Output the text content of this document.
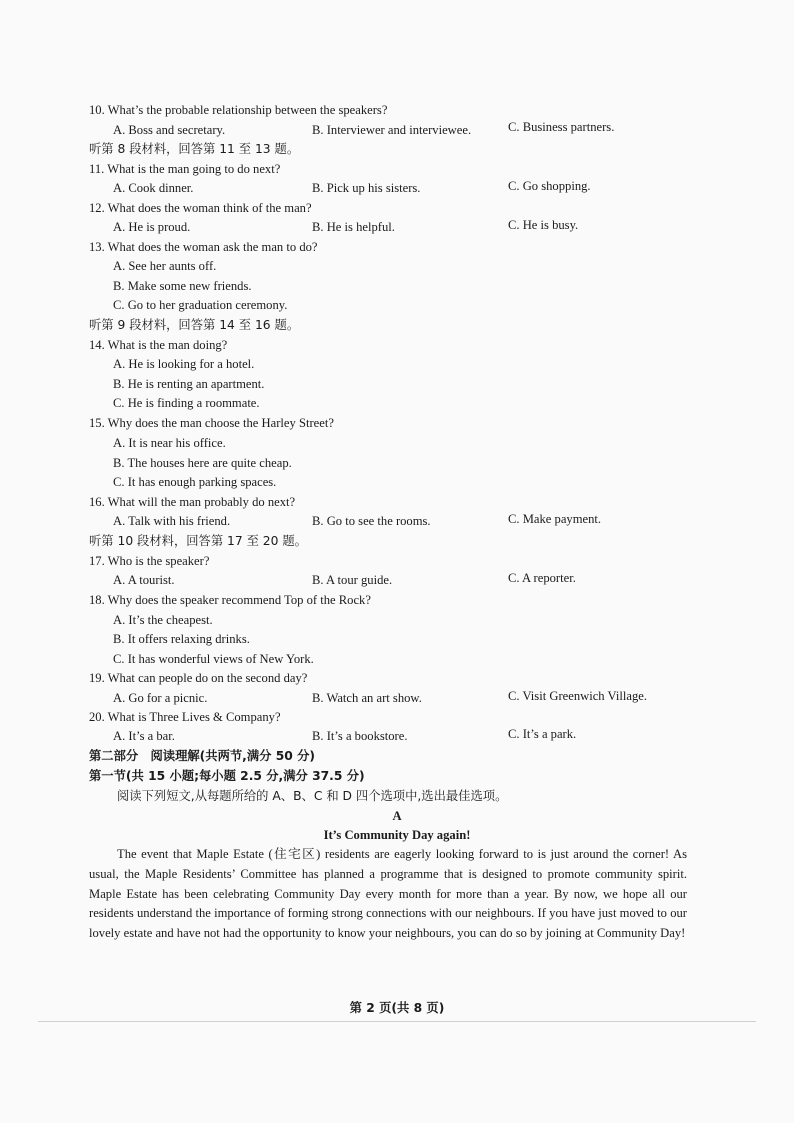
10. What’s the probable relationship between the speakers?
A. Boss and secretary.	B. Interviewer and interviewee.	C. Business partners.
听第 8 段材料，回答第 11 至 13 题。
11. What is the man going to do next?
A. Cook dinner.	B. Pick up his sisters.	C. Go shopping.
12. What does the woman think of the man?
A. He is proud.	B. He is helpful.	C. He is busy.
13. What does the woman ask the man to do?
A. See her aunts off.
B. Make some new friends.
C. Go to her graduation ceremony.
听第 9 段材料，回答第 14 至 16 题。
14. What is the man doing?
A. He is looking for a hotel.
B. He is renting an apartment.
C. He is finding a roommate.
15. Why does the man choose the Harley Street?
A. It is near his office.
B. The houses here are quite cheap.
C. It has enough parking spaces.
16. What will the man probably do next?
A. Talk with his friend.	B. Go to see the rooms.	C. Make payment.
听第 10 段材料，回答第 17 至 20 题。
17. Who is the speaker?
A. A tourist.	B. A tour guide.	C. A reporter.
18. Why does the speaker recommend Top of the Rock?
A. It’s the cheapest.
B. It offers relaxing drinks.
C. It has wonderful views of New York.
19. What can people do on the second day?
A. Go for a picnic.	B. Watch an art show.	C. Visit Greenwich Village.
20. What is Three Lives & Company?
A. It’s a bar.	B. It’s a bookstore.	C. It’s a park.
第二部分　阅读理解(共两节,满分 50 分)
第一节(共 15 小题;每小题 2.5 分,满分 37.5 分)
阅读下列短文,从每题所给的 A、B、C 和 D 四个选项中,选出最佳选项。
A
It’s Community Day again!
The event that Maple Estate (住宅区) residents are eagerly looking forward to is just around the corner! As usual, the Maple Residents’ Committee has planned a programme that is designed to promote community spirit. Maple Estate has been celebrating Community Day every month for more than a year. By now, we hope all our residents understand the importance of forming strong connections with our neighbours. If you have just moved to our lovely estate and have not had the opportunity to know your neighbours, you can do so by joining at Community Day!
第 2 页(共 8 页)
